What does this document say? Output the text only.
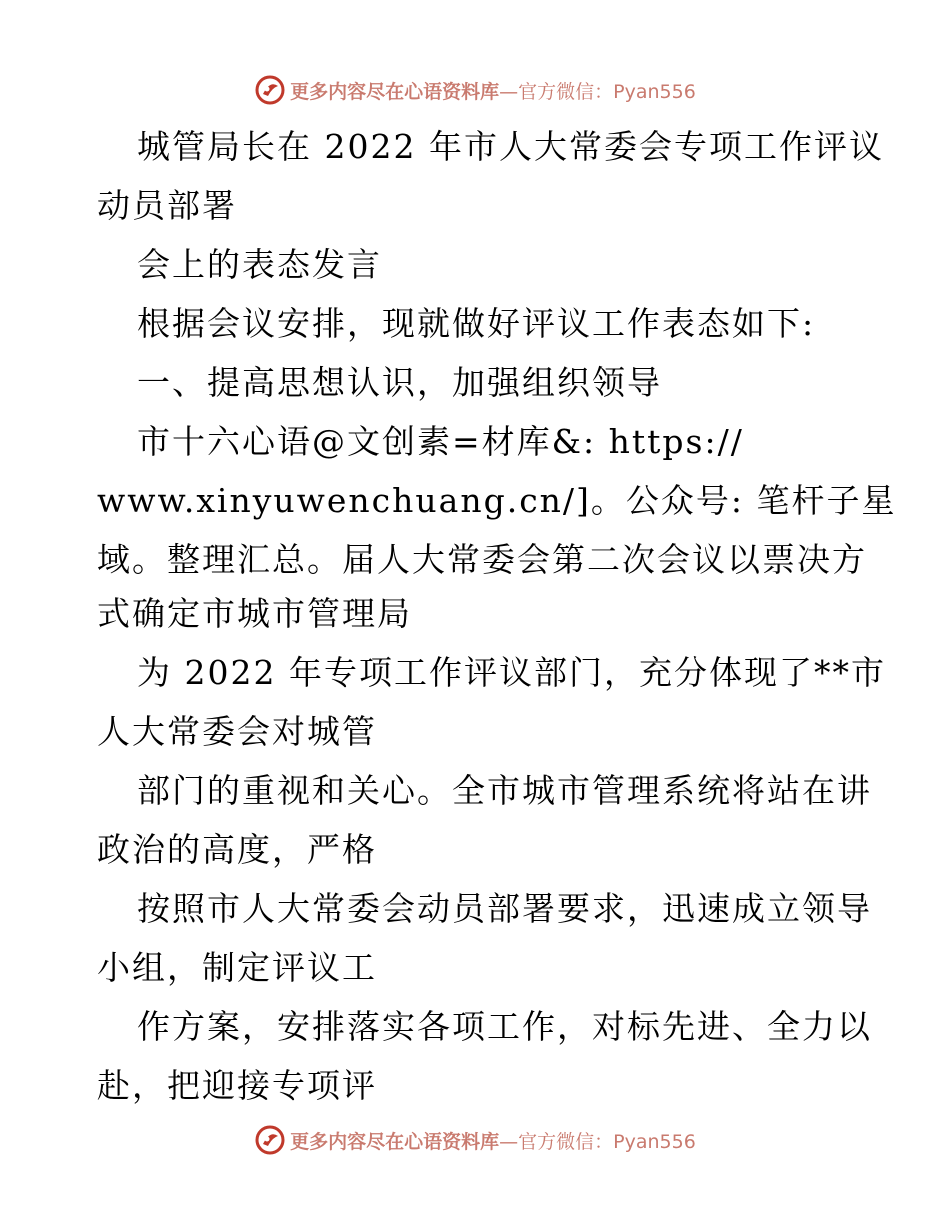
更多内容尽在心语资料库—官方微信：Pyan556
城管局长在 2022 年市人大常委会专项工作评议
动员部署
会上的表态发言
根据会议安排，现就做好评议工作表态如下:
一、提高思想认识，加强组织领导
市十六心语@文创素=材库&: https://
www.xinyuwenchuang.cn/]。公众号: 笔杆子星
域。整理汇总。届人大常委会第二次会议以票决方
式确定市城市管理局
为 2022 年专项工作评议部门，充分体现了**市
人大常委会对城管
部门的重视和关心。全市城市管理系统将站在讲
政治的高度，严格
按照市人大常委会动员部署要求，迅速成立领导
小组，制定评议工
作方案，安排落实各项工作，对标先进、全力以
赴，把迎接专项评
更多内容尽在心语资料库—官方微信：Pyan556
